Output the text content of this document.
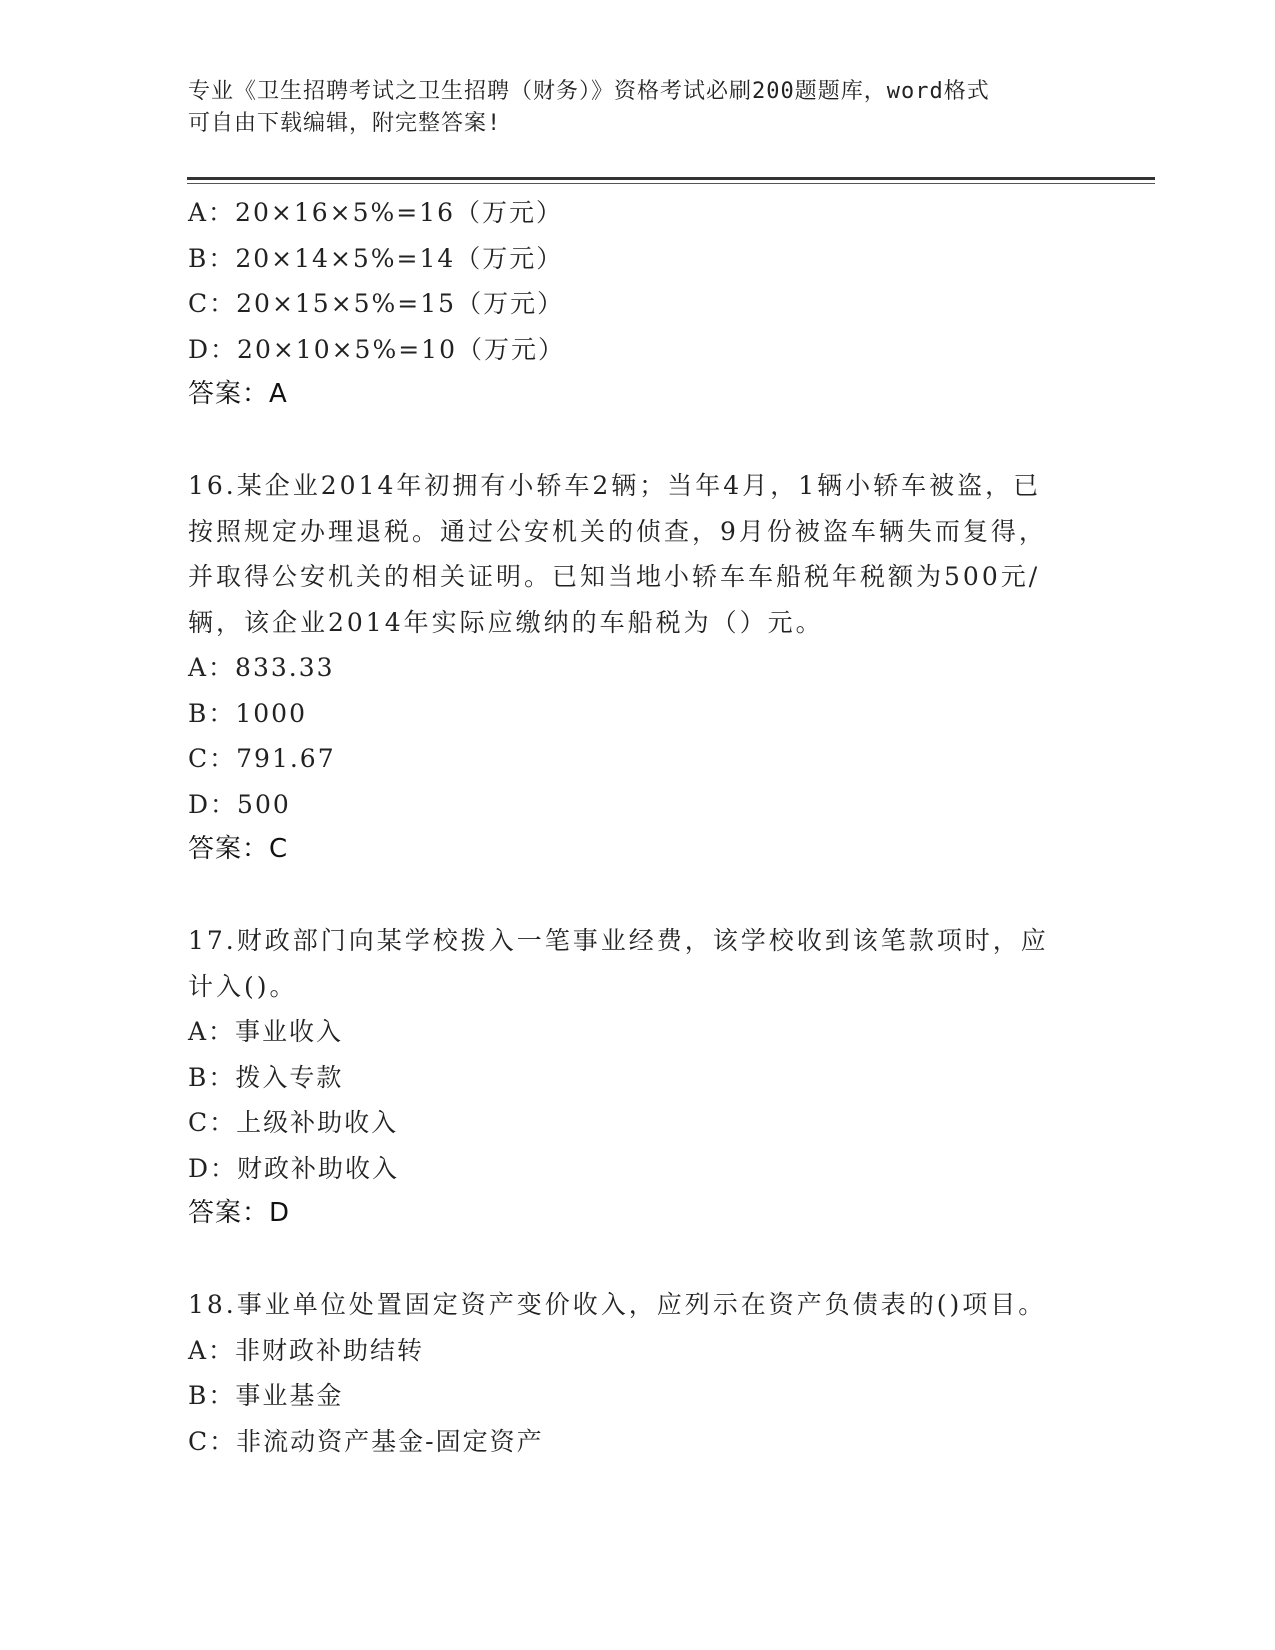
专业《卫生招聘考试之卫生招聘（财务）》资格考试必刷200题题库，word格式
可自由下载编辑，附完整答案!
A：20×16×5%=16（万元）
B：20×14×5%=14（万元）
C：20×15×5%=15（万元）
D：20×10×5%=10（万元）
答案：A
16.某企业2014年初拥有小轿车2辆；当年4月，1辆小轿车被盗，已
按照规定办理退税。通过公安机关的侦查，9月份被盗车辆失而复得，
并取得公安机关的相关证明。已知当地小轿车车船税年税额为500元/
辆，该企业2014年实际应缴纳的车船税为（）元。
A：833.33
B：1000
C：791.67
D：500
答案：C
17.财政部门向某学校拨入一笔事业经费，该学校收到该笔款项时，应
计入()。
A：事业收入
B：拨入专款
C：上级补助收入
D：财政补助收入
答案：D
18.事业单位处置固定资产变价收入，应列示在资产负债表的()项目。
A：非财政补助结转
B：事业基金
C：非流动资产基金-固定资产
